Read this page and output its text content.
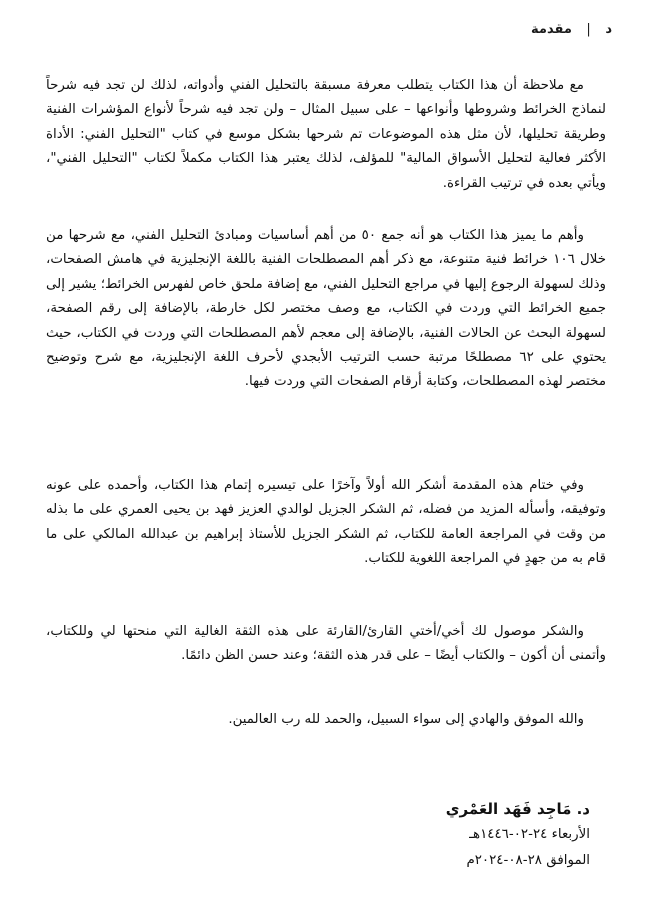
د | مقدمة

مع ملاحظة أن هذا الكتاب يتطلب معرفة مسبقة بالتحليل الفني وأدواته، لذلك لن تجد فيه شرحاً لنماذج الخرائط وشروطها وأنواعها – على سبيل المثال – ولن تجد فيه شرحاً لأنواع المؤشرات الفنية وطريقة تحليلها، لأن مثل هذه الموضوعات تم شرحها بشكل موسع في كتاب "التحليل الفني: الأداة الأكثر فعالية لتحليل الأسواق المالية" للمؤلف، لذلك يعتبر هذا الكتاب مكملاً لكتاب "التحليل الفني"، ويأتي بعده في ترتيب القراءة.

وأهم ما يميز هذا الكتاب هو أنه جمع ٥٠ من أهم أساسيات ومبادئ التحليل الفني، مع شرحها من خلال ١٠٦ خرائط فنية متنوعة، مع ذكر أهم المصطلحات الفنية باللغة الإنجليزية في هامش الصفحات، وذلك لسهولة الرجوع إليها في مراجع التحليل الفني، مع إضافة ملحق خاص لفهرس الخرائط؛ يشير إلى جميع الخرائط التي وردت في الكتاب، مع وصف مختصر لكل خارطة، بالإضافة إلى رقم الصفحة، لسهولة البحث عن الحالات الفنية، بالإضافة إلى معجم لأهم المصطلحات التي وردت في الكتاب، حيث يحتوي على ٦٢ مصطلحًا مرتبة حسب الترتيب الأبجدي لأحرف اللغة الإنجليزية، مع شرح وتوضيح مختصر لهذه المصطلحات، وكتابة أرقام الصفحات التي وردت فيها.

وفي ختام هذه المقدمة أشكر الله أولاً وآخرًا على تيسيره إتمام هذا الكتاب، وأحمده على عونه وتوفيقه، وأسأله المزيد من فضله، ثم الشكر الجزيل لوالدي العزيز فهد بن يحيى العمري على ما بذله من وقت في المراجعة العامة للكتاب، ثم الشكر الجزيل للأستاذ إبراهيم بن عبدالله المالكي على ما قام به من جهدٍ في المراجعة اللغوية للكتاب.

والشكر موصول لك أخي/أختي القارئ/القارئة على هذه الثقة الغالية التي منحتها لي وللكتاب، وأتمنى أن أكون – والكتاب أيضًا – على قدر هذه الثقة؛ وعند حسن الظن دائمًا.

والله الموفق والهادي إلى سواء السبيل، والحمد لله رب العالمين.

د. مَاجِد فَهَد العَمْري
الأربعاء ٢٤-٠٢-١٤٤٦هـ
الموافق ٢٨-٠٨-٢٠٢٤م
